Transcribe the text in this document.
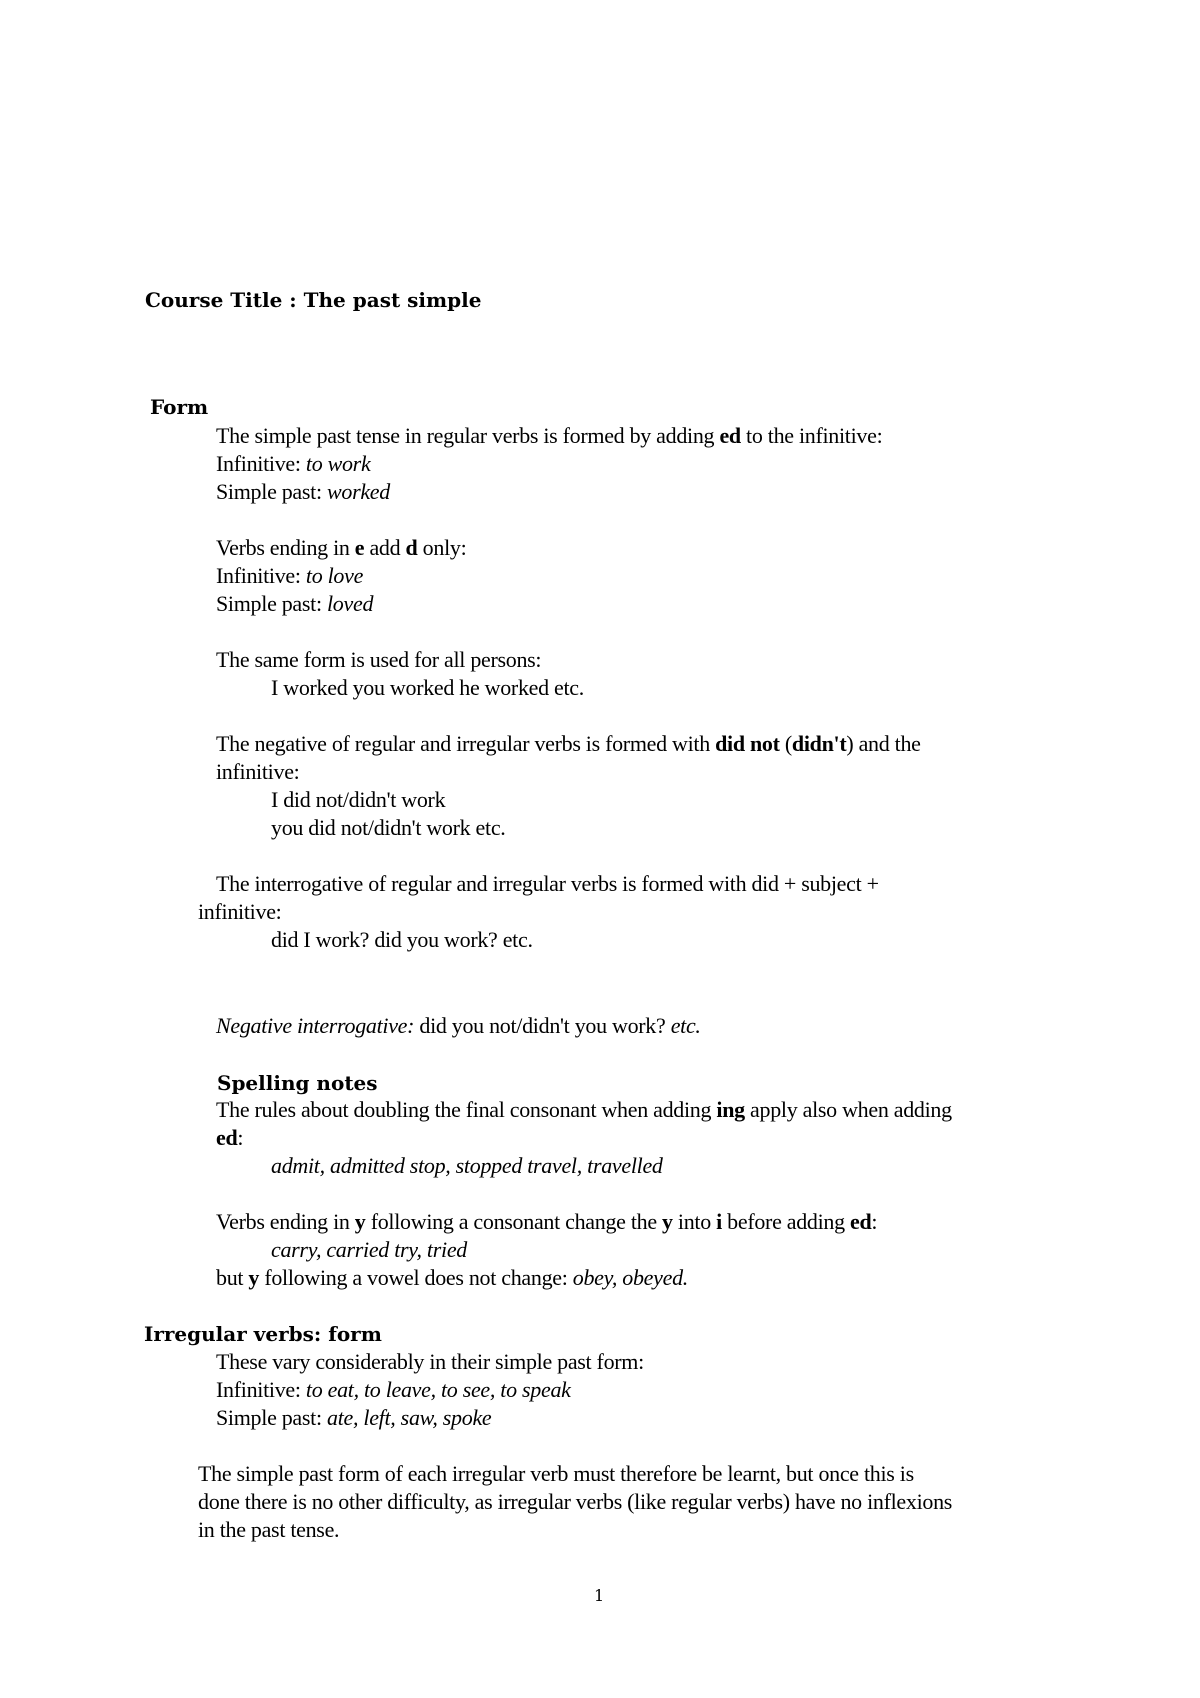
Course Title : The past simple
Form
The simple past tense in regular verbs is formed by adding ed to the infinitive:
Infinitive: to work
Simple past: worked
Verbs ending in e add d only:
Infinitive: to love
Simple past: loved
The same form is used for all persons:
I worked you worked he worked etc.
The negative of regular and irregular verbs is formed with did not (didn't) and the
infinitive:
I did not/didn't work
you did not/didn't work etc.
The interrogative of regular and irregular verbs is formed with did + subject +
infinitive:
did I work? did you work? etc.
Negative interrogative: did you not/didn't you work? etc.
Spelling notes
The rules about doubling the final consonant when adding ing apply also when adding
ed:
admit, admitted stop, stopped travel, travelled
Verbs ending in y following a consonant change the y into i before adding ed:
carry, carried try, tried
but y following a vowel does not change: obey, obeyed.
Irregular verbs: form
These vary considerably in their simple past form:
Infinitive: to eat, to leave, to see, to speak
Simple past: ate, left, saw, spoke
The simple past form of each irregular verb must therefore be learnt, but once this is
done there is no other difficulty, as irregular verbs (like regular verbs) have no inflexions
in the past tense.
1
